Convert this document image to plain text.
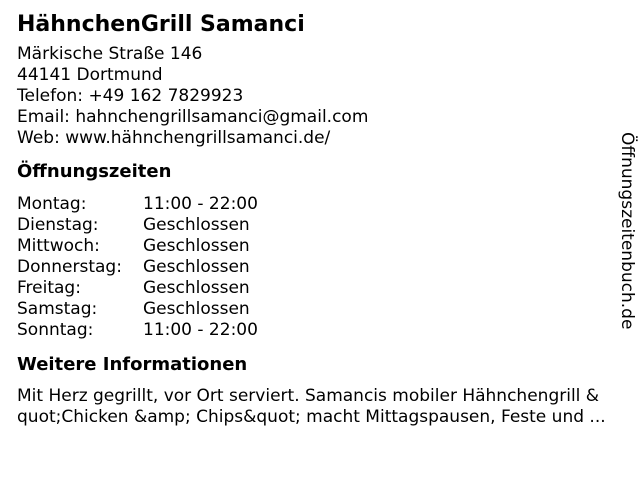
HähnchenGrill Samanci
Märkische Straße 146
44141 Dortmund
Telefon: +49 162 7829923
Email: hahnchengrillsamanci@gmail.com
Web: www.hähnchengrillsamanci.de/
Öffnungszeiten
Montag:	11:00 - 22:00
Dienstag:	Geschlossen
Mittwoch:	Geschlossen
Donnerstag:	Geschlossen
Freitag:	Geschlossen
Samstag:	Geschlossen
Sonntag:	11:00 - 22:00
Weitere Informationen

Mit Herz gegrillt, vor Ort serviert. Samancis mobiler Hähnchengrill &​quot;Chicken &amp; Chips&quot; macht Mittagspausen, Feste und ...

Öffnungszeitenbuch.de
